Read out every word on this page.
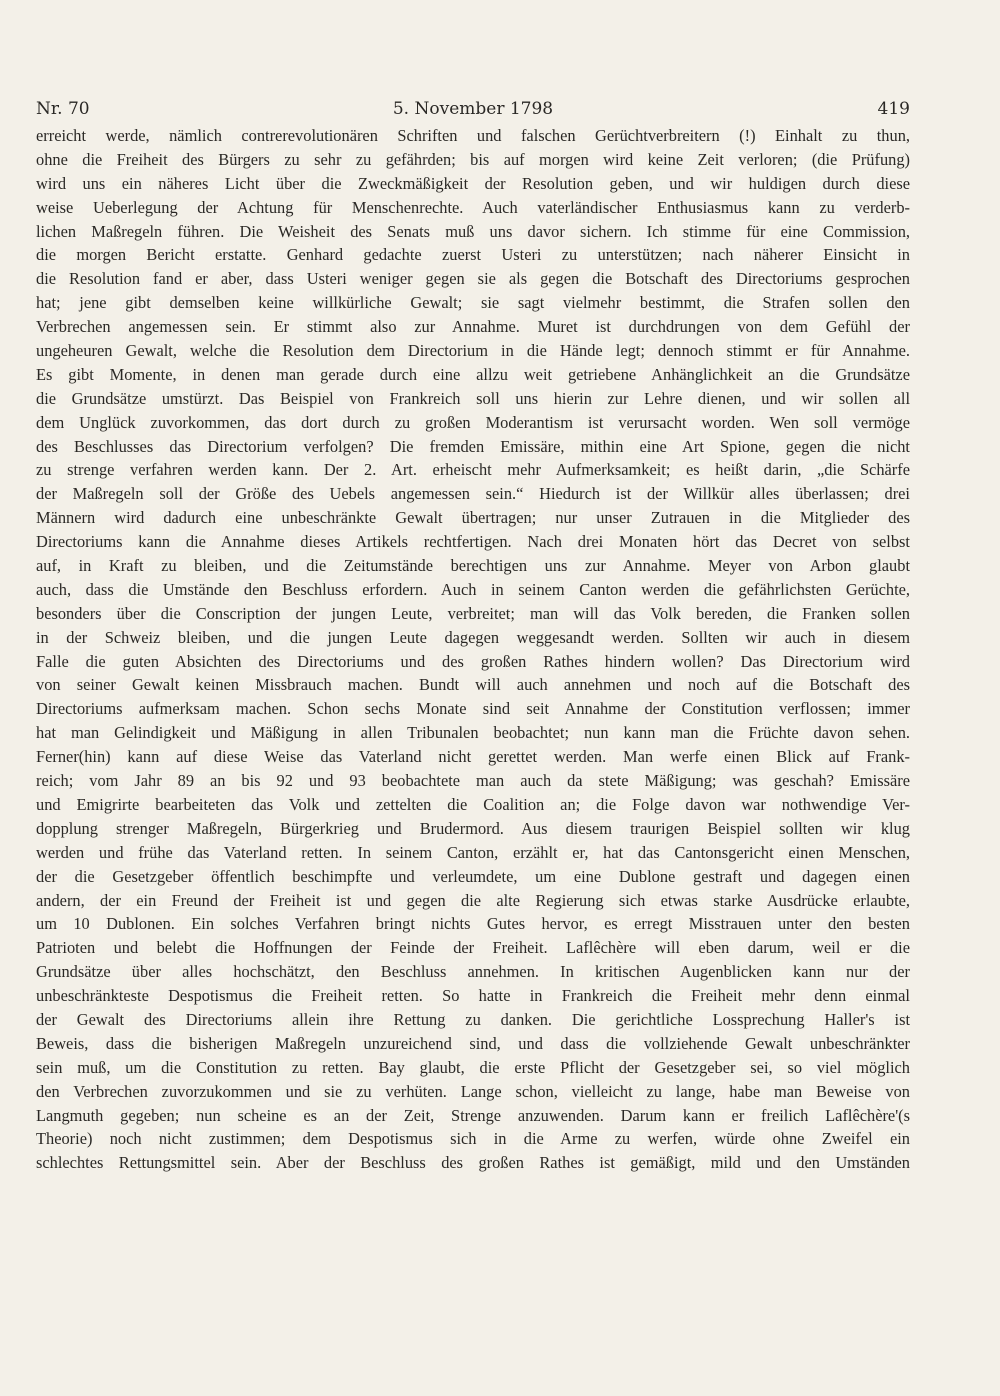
Nr. 70	5. November 1798	419
erreicht werde, nämlich contrerevolutionären Schriften und falschen Gerüchtverbreitern (!) Einhalt zu thun,
ohne die Freiheit des Bürgers zu sehr zu gefährden; bis auf morgen wird keine Zeit verloren; (die Prüfung)
wird uns ein näheres Licht über die Zweckmäßigkeit der Resolution geben, und wir huldigen durch diese
weise Ueberlegung der Achtung für Menschenrechte. Auch vaterländischer Enthusiasmus kann zu verderb-
lichen Maßregeln führen. Die Weisheit des Senats muß uns davor sichern. Ich stimme für eine Commission,
die morgen Bericht erstatte. Genhard gedachte zuerst Usteri zu unterstützen; nach näherer Einsicht in
die Resolution fand er aber, dass Usteri weniger gegen sie als gegen die Botschaft des Directoriums gesprochen
hat; jene gibt demselben keine willkürliche Gewalt; sie sagt vielmehr bestimmt, die Strafen sollen den
Verbrechen angemessen sein. Er stimmt also zur Annahme. Muret ist durchdrungen von dem Gefühl der
ungeheuren Gewalt, welche die Resolution dem Directorium in die Hände legt; dennoch stimmt er für Annahme.
Es gibt Momente, in denen man gerade durch eine allzu weit getriebene Anhänglichkeit an die Grundsätze
die Grundsätze umstürzt. Das Beispiel von Frankreich soll uns hierin zur Lehre dienen, und wir sollen all
dem Unglück zuvorkommen, das dort durch zu großen Moderantism ist verursacht worden. Wen soll vermöge
des Beschlusses das Directorium verfolgen? Die fremden Emissäre, mithin eine Art Spione, gegen die nicht
zu strenge verfahren werden kann. Der 2. Art. erheischt mehr Aufmerksamkeit; es heißt darin, „die Schärfe
der Maßregeln soll der Größe des Uebels angemessen sein.“ Hiedurch ist der Willkür alles überlassen; drei
Männern wird dadurch eine unbeschränkte Gewalt übertragen; nur unser Zutrauen in die Mitglieder des
Directoriums kann die Annahme dieses Artikels rechtfertigen. Nach drei Monaten hört das Decret von selbst
auf, in Kraft zu bleiben, und die Zeitumstände berechtigen uns zur Annahme. Meyer von Arbon glaubt
auch, dass die Umstände den Beschluss erfordern. Auch in seinem Canton werden die gefährlichsten Gerüchte,
besonders über die Conscription der jungen Leute, verbreitet; man will das Volk bereden, die Franken sollen
in der Schweiz bleiben, und die jungen Leute dagegen weggesandt werden. Sollten wir auch in diesem
Falle die guten Absichten des Directoriums und des großen Rathes hindern wollen? Das Directorium wird
von seiner Gewalt keinen Missbrauch machen. Bundt will auch annehmen und noch auf die Botschaft des
Directoriums aufmerksam machen. Schon sechs Monate sind seit Annahme der Constitution verflossen; immer
hat man Gelindigkeit und Mäßigung in allen Tribunalen beobachtet; nun kann man die Früchte davon sehen.
Ferner(hin) kann auf diese Weise das Vaterland nicht gerettet werden. Man werfe einen Blick auf Frank-
reich; vom Jahr 89 an bis 92 und 93 beobachtete man auch da stete Mäßigung; was geschah? Emissäre
und Emigrirte bearbeiteten das Volk und zettelten die Coalition an; die Folge davon war nothwendige Ver-
dopplung strenger Maßregeln, Bürgerkrieg und Brudermord. Aus diesem traurigen Beispiel sollten wir klug
werden und frühe das Vaterland retten. In seinem Canton, erzählt er, hat das Cantonsgericht einen Menschen,
der die Gesetzgeber öffentlich beschimpfte und verleumdete, um eine Dublone gestraft und dagegen einen
andern, der ein Freund der Freiheit ist und gegen die alte Regierung sich etwas starke Ausdrücke erlaubte,
um 10 Dublonen. Ein solches Verfahren bringt nichts Gutes hervor, es erregt Misstrauen unter den besten
Patrioten und belebt die Hoffnungen der Feinde der Freiheit. Laflêchère will eben darum, weil er die
Grundsätze über alles hochschätzt, den Beschluss annehmen. In kritischen Augenblicken kann nur der
unbeschränkteste Despotismus die Freiheit retten. So hatte in Frankreich die Freiheit mehr denn einmal
der Gewalt des Directoriums allein ihre Rettung zu danken. Die gerichtliche Lossprechung Haller's ist
Beweis, dass die bisherigen Maßregeln unzureichend sind, und dass die vollziehende Gewalt unbeschränkter
sein muß, um die Constitution zu retten. Bay glaubt, die erste Pflicht der Gesetzgeber sei, so viel möglich
den Verbrechen zuvorzukommen und sie zu verhüten. Lange schon, vielleicht zu lange, habe man Beweise von
Langmuth gegeben; nun scheine es an der Zeit, Strenge anzuwenden. Darum kann er freilich Laflêchère'(s
Theorie) noch nicht zustimmen; dem Despotismus sich in die Arme zu werfen, würde ohne Zweifel ein
schlechtes Rettungsmittel sein. Aber der Beschluss des großen Rathes ist gemäßigt, mild und den Umständen
